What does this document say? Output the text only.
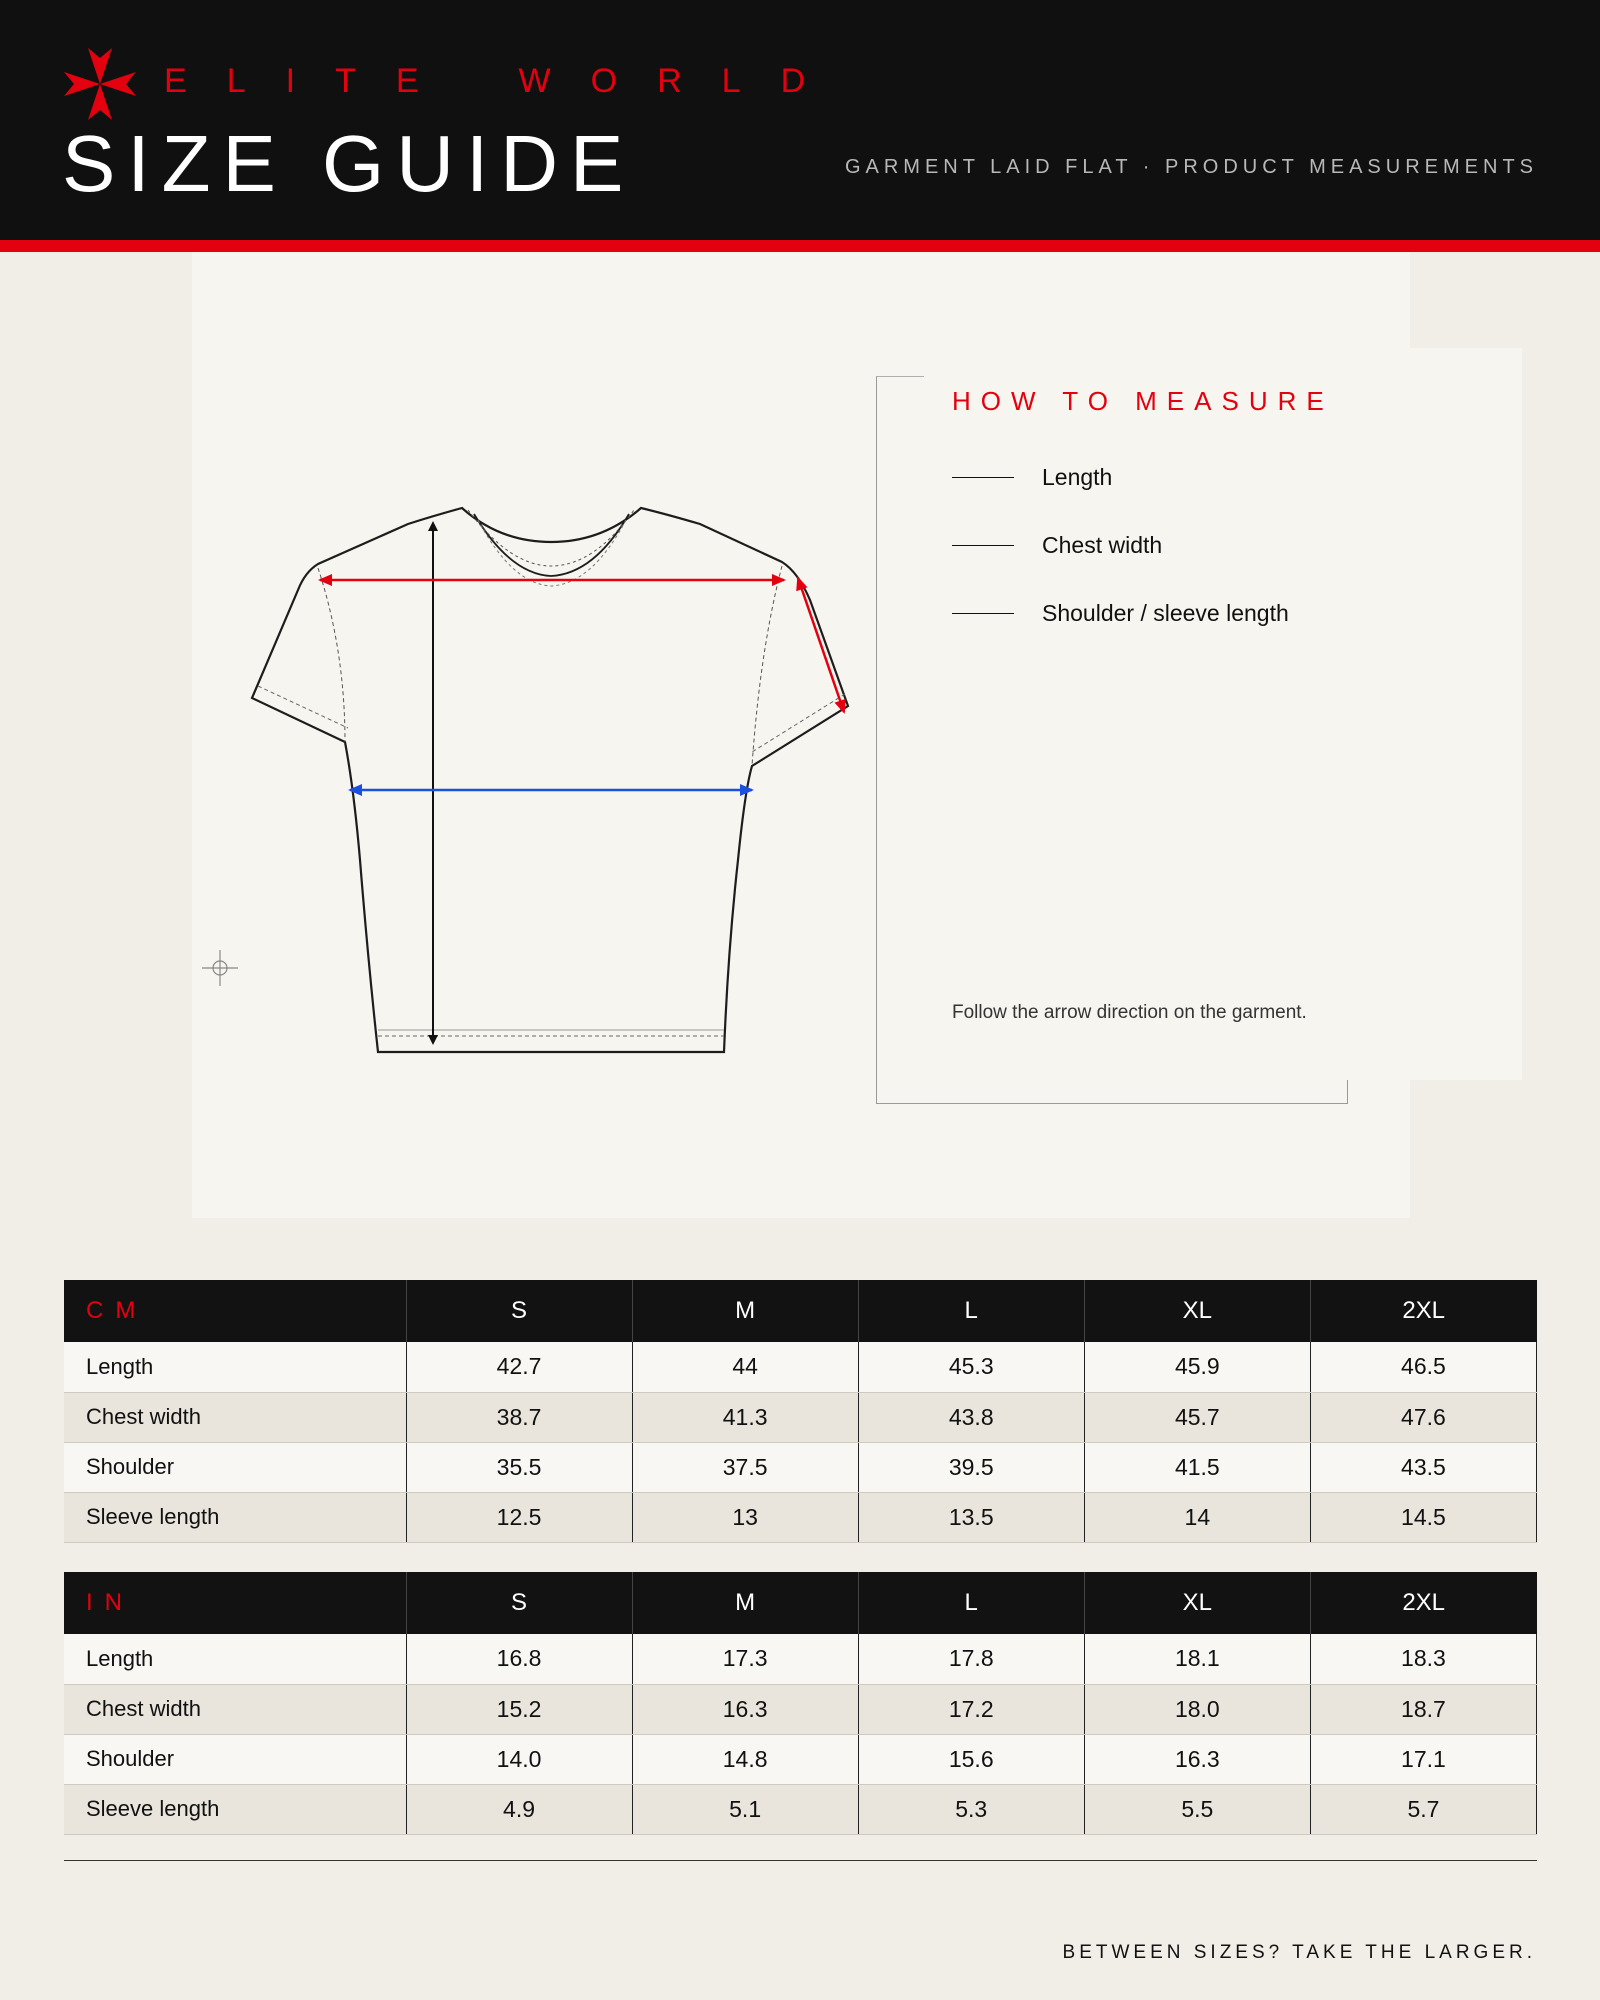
ELITE WORLD
SIZE GUIDE	GARMENT LAID FLAT · PRODUCT MEASUREMENTS
HOW TO MEASURE
Length
Chest width
Shoulder / sleeve length
Follow the arrow direction on the garment.
CM	S	M	L	XL	2XL
Length	42.7	44	45.3	45.9	46.5
Chest width	38.7	41.3	43.8	45.7	47.6
Shoulder	35.5	37.5	39.5	41.5	43.5
Sleeve length	12.5	13	13.5	14	14.5
IN	S	M	L	XL	2XL
Length	16.8	17.3	17.8	18.1	18.3
Chest width	15.2	16.3	17.2	18.0	18.7
Shoulder	14.0	14.8	15.6	16.3	17.1
Sleeve length	4.9	5.1	5.3	5.5	5.7
BETWEEN SIZES? TAKE THE LARGER.
